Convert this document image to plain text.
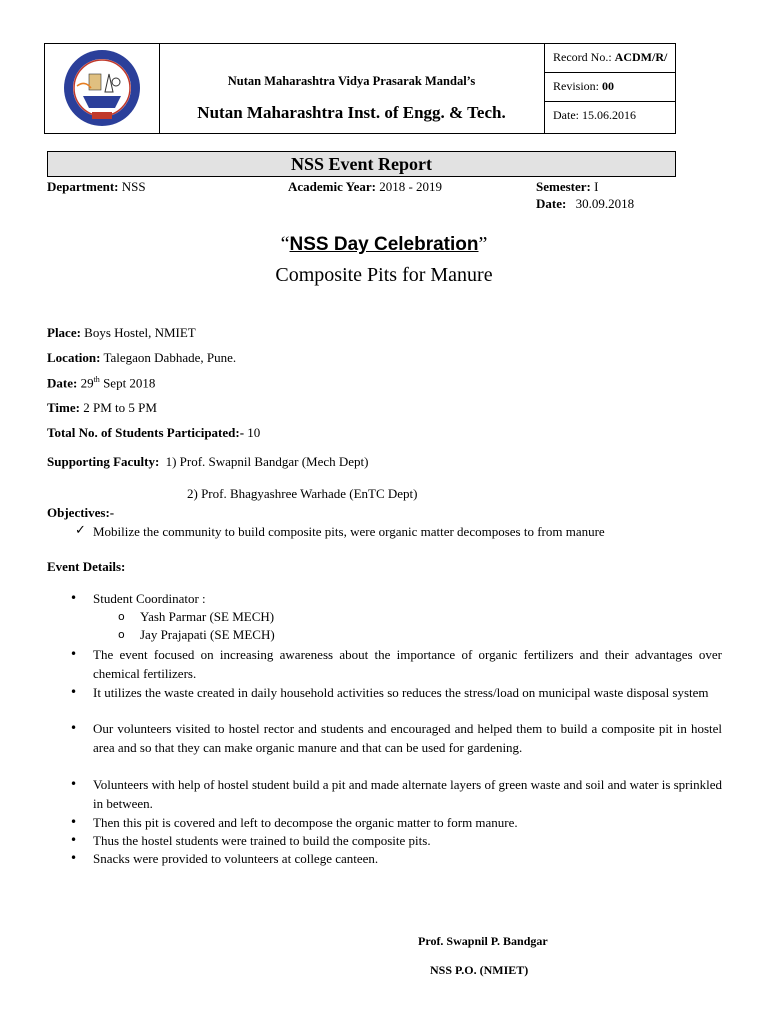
Nutan Maharashtra Vidya Prasarak Mandal’s
Nutan Maharashtra Inst. of Engg. & Tech.
Record No.: ACDM/R/
Revision: 00
Date: 15.06.2016
NSS Event Report
Department: NSS	Academic Year: 2018 - 2019	Semester: I
Date: 30.09.2018
“NSS Day Celebration”
Composite Pits for Manure
Place: Boys Hostel, NMIET
Location: Talegaon Dabhade, Pune.
Date: 29th Sept 2018
Time: 2 PM to 5 PM
Total No. of Students Participated:- 10
Supporting Faculty: 1) Prof. Swapnil Bandgar (Mech Dept)
2) Prof. Bhagyashree Warhade (EnTC Dept)
Objectives:-
✓ Mobilize the community to build composite pits, were organic matter decomposes to from manure
Event Details:
• Student Coordinator :
o Yash Parmar (SE MECH)
o Jay Prajapati (SE MECH)
• The event focused on increasing awareness about the importance of organic fertilizers and their advantages over chemical fertilizers.
• It utilizes the waste created in daily household activities so reduces the stress/load on municipal waste disposal system
• Our volunteers visited to hostel rector and students and encouraged and helped them to build a composite pit in hostel area and so that they can make organic manure and that can be used for gardening.
• Volunteers with help of hostel student build a pit and made alternate layers of green waste and soil and water is sprinkled in between.
• Then this pit is covered and left to decompose the organic matter to form manure.
• Thus the hostel students were trained to build the composite pits.
• Snacks were provided to volunteers at college canteen.
Prof. Swapnil P. Bandgar
NSS P.O. (NMIET)
